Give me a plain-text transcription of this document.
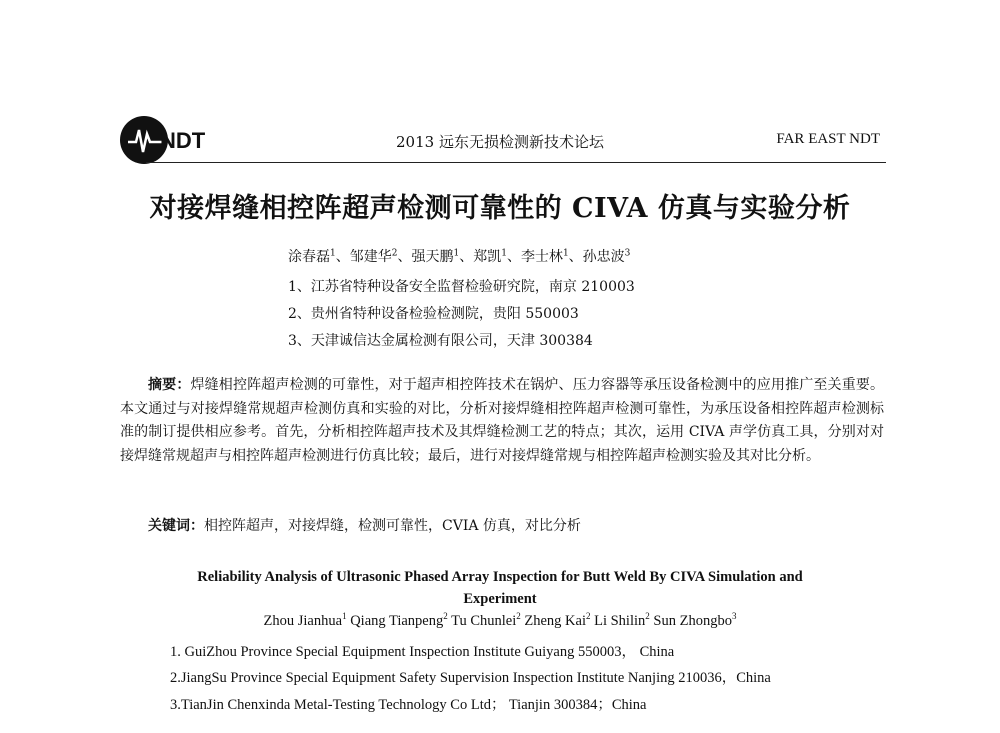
NDT	2013 远东无损检测新技术论坛	FAR EAST NDT
对接焊缝相控阵超声检测可靠性的 CIVA 仿真与实验分析
涂春磊$^1$、邹建华$^2$、强天鹏$^1$、郑凯$^1$、李士林$^1$、孙忠波$^3$
1、江苏省特种设备安全监督检验研究院，南京 210003
2、贵州省特种设备检验检测院，贵阳 550003
3、天津诚信达金属检测有限公司，天津 300384
摘要：焊缝相控阵超声检测的可靠性，对于超声相控阵技术在锅炉、压力容器等承压设备检测中的应用推广至关重要。本文通过与对接焊缝常规超声检测仿真和实验的对比，分析对接焊缝相控阵超声检测可靠性，为承压设备相控阵超声检测标准的制订提供相应参考。首先，分析相控阵超声技术及其焊缝检测工艺的特点；其次，运用 CIVA 声学仿真工具，分别对对接焊缝常规超声与相控阵超声检测进行仿真比较；最后，进行对接焊缝常规与相控阵超声检测实验及其对比分析。
关键词：相控阵超声，对接焊缝，检测可靠性，CVIA 仿真，对比分析
Reliability Analysis of Ultrasonic Phased Array Inspection for Butt Weld By CIVA Simulation and
Experiment
Zhou Jianhua$^1$ Qiang Tianpeng$^2$ Tu Chunlei$^2$ Zheng Kai$^2$ Li Shilin$^2$ Sun Zhongbo$^3$
1. GuiZhou Province Special Equipment Inspection Institute Guiyang 550003， China
2.JiangSu Province Special Equipment Safety Supervision Inspection Institute Nanjing 210036，China
3.TianJin Chenxinda Metal-Testing Technology Co Ltd； Tianjin 300384；China
